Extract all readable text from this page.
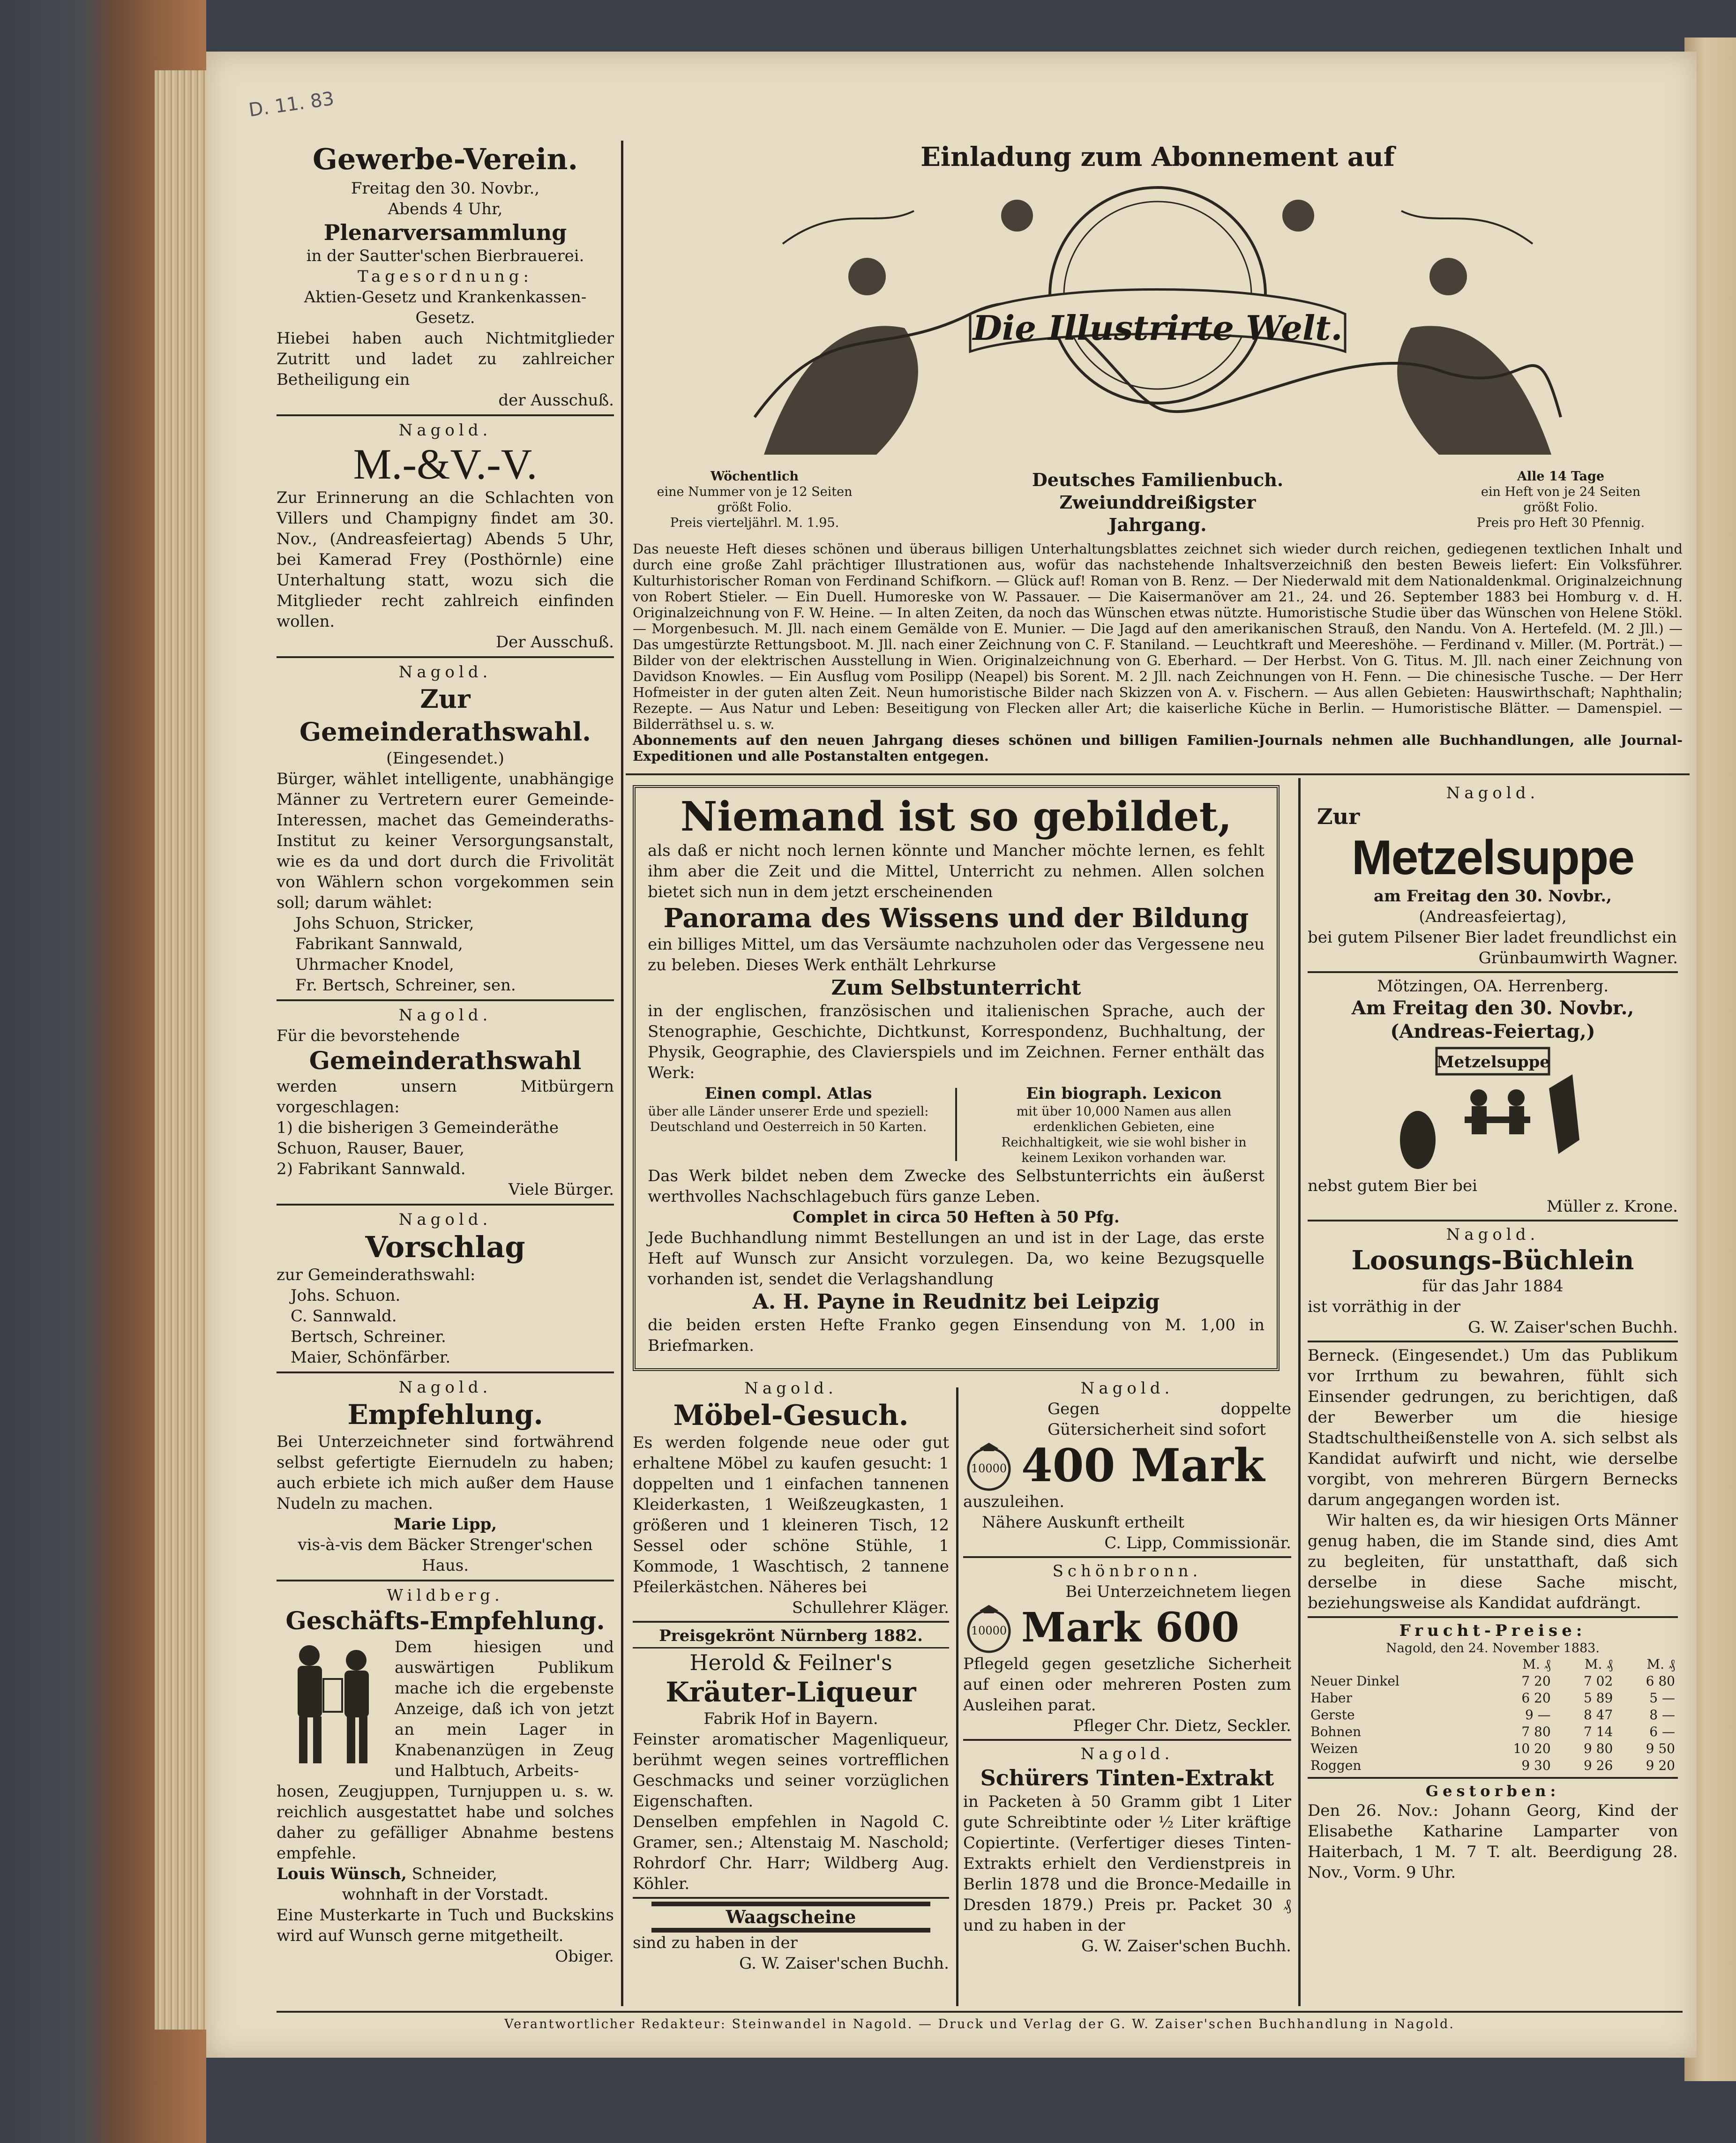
D. 11. 83
Gewerbe-Verein.
Freitag den 30. Novbr.,
Abends 4 Uhr,
Plenarversammlung
in der Sautter'schen Bierbrauerei.
Tagesordnung:
Aktien-Gesetz und Krankenkassen-Gesetz.

Hiebei haben auch Nichtmitglieder Zutritt und ladet zu zahlreicher Betheiligung ein

der Ausschuß.
Nagold.
M.-&V.-V.

Zur Erinnerung an die Schlachten von Villers und Champigny findet am 30. Nov., (Andreasfeiertag) Abends 5 Uhr, bei Kamerad Frey (Posthörnle) eine Unterhaltung statt, wozu sich die Mitglieder recht zahlreich einfinden wollen.

Der Ausschuß.
Nagold.
Zur Gemeinderathswahl.
(Eingesendet.)

Bürger, wählet intelligente, unabhängige Männer zu Vertretern eurer Gemeinde-Interessen, machet das Gemeinderaths-Institut zu keiner Versorgungsanstalt, wie es da und dort durch die Frivolität von Wählern schon vorgekommen sein soll; darum wählet:

Johs Schuon, Stricker,
Fabrikant Sannwald,
Uhrmacher Knodel,
Fr. Bertsch, Schreiner, sen.
Nagold.
Für die bevorstehende
Gemeinderathswahl

werden unsern Mitbürgern vorgeschlagen:

1) die bisherigen 3 Gemeinderäthe Schuon, Rauser, Bauer,
2) Fabrikant Sannwald.
Viele Bürger.
Nagold.
Vorschlag
zur Gemeinderathswahl:
Johs. Schuon.
C. Sannwald.
Bertsch, Schreiner.
Maier, Schönfärber.
Nagold.
Empfehlung.

Bei Unterzeichneter sind fortwährend selbst gefertigte Eiernudeln zu haben; auch erbiete ich mich außer dem Hause Nudeln zu machen.

Marie Lipp,
vis-à-vis dem Bäcker Strenger'schen Haus.
Wildberg.
Geschäfts-Empfehlung.

Dem hiesigen und auswärtigen Publikum mache ich die ergebenste Anzeige, daß ich von jetzt an mein Lager in Knabenanzügen in Zeug und Halbtuch, Arbeits-

hosen, Zeugjuppen, Turnjuppen u. s. w. reichlich ausgestattet habe und solches daher zu gefälliger Abnahme bestens empfehle.

Louis Wünsch, Schneider,
wohnhaft in der Vorstadt.

Eine Musterkarte in Tuch und Buckskins wird auf Wunsch gerne mitgetheilt.

Obiger.
Einladung zum Abonnement auf
Die Illustrirte Welt.
Wöchentlich
eine Nummer von je 12 Seiten
größt Folio.
Preis vierteljährl. M. 1.95.
Deutsches Familienbuch.
Zweiunddreißigster Jahrgang.
Alle 14 Tage
ein Heft von je 24 Seiten
größt Folio.
Preis pro Heft 30 Pfennig.

Das neueste Heft dieses schönen und überaus billigen Unterhaltungsblattes zeichnet sich wieder durch reichen, gediegenen textlichen Inhalt und durch eine große Zahl prächtiger Illustrationen aus, wofür das nachstehende Inhaltsverzeichniß den besten Beweis liefert: Ein Volksführer. Kulturhistorischer Roman von Ferdinand Schifkorn. — Glück auf! Roman von B. Renz. — Der Niederwald mit dem Nationaldenkmal. Originalzeichnung von Robert Stieler. — Ein Duell. Humoreske von W. Passauer. — Die Kaisermanöver am 21., 24. und 26. September 1883 bei Homburg v. d. H. Originalzeichnung von F. W. Heine. — In alten Zeiten, da noch das Wünschen etwas nützte. Humoristische Studie über das Wünschen von Helene Stökl. — Morgenbesuch. M. Jll. nach einem Gemälde von E. Munier. — Die Jagd auf den amerikanischen Strauß, den Nandu. Von A. Hertefeld. (M. 2 Jll.) — Das umgestürzte Rettungsboot. M. Jll. nach einer Zeichnung von C. F. Staniland. — Leuchtkraft und Meereshöhe. — Ferdinand v. Miller. (M. Porträt.) — Bilder von der elektrischen Ausstellung in Wien. Originalzeichnung von G. Eberhard. — Der Herbst. Von G. Titus. M. Jll. nach einer Zeichnung von Davidson Knowles. — Ein Ausflug vom Posilipp (Neapel) bis Sorent. M. 2 Jll. nach Zeichnungen von H. Fenn. — Die chinesische Tusche. — Der Herr Hofmeister in der guten alten Zeit. Neun humoristische Bilder nach Skizzen von A. v. Fischern. — Aus allen Gebieten: Hauswirthschaft; Naphthalin; Rezepte. — Aus Natur und Leben: Beseitigung von Flecken aller Art; die kaiserliche Küche in Berlin. — Humoristische Blätter. — Damenspiel. — Bilderräthsel u. s. w.

Abonnements auf den neuen Jahrgang dieses schönen und billigen Familien-Journals nehmen alle Buchhandlungen, alle Journal-Expeditionen und alle Postanstalten entgegen.

Niemand ist so gebildet,

als daß er nicht noch lernen könnte und Mancher möchte lernen, es fehlt ihm aber die Zeit und die Mittel, Unterricht zu nehmen. Allen solchen bietet sich nun in dem jetzt erscheinenden

Panorama des Wissens und der Bildung

ein billiges Mittel, um das Versäumte nachzuholen oder das Vergessene neu zu beleben. Dieses Werk enthält Lehrkurse

Zum Selbstunterricht

in der englischen, französischen und italienischen Sprache, auch der Stenographie, Geschichte, Dichtkunst, Korrespondenz, Buchhaltung, der Physik, Geographie, des Clavierspiels und im Zeichnen. Ferner enthält das Werk:

Einen compl. Atlas
über alle Länder unserer Erde und speziell: Deutschland und Oesterreich in 50 Karten.
Ein biograph. Lexicon
mit über 10,000 Namen aus allen erdenklichen Gebieten, eine Reichhaltigkeit, wie sie wohl bisher in keinem Lexikon vorhanden war.

Das Werk bildet neben dem Zwecke des Selbstunterrichts ein äußerst werthvolles Nachschlagebuch fürs ganze Leben.

Complet in circa 50 Heften à 50 Pfg.

Jede Buchhandlung nimmt Bestellungen an und ist in der Lage, das erste Heft auf Wunsch zur Ansicht vorzulegen. Da, wo keine Bezugsquelle vorhanden ist, sendet die Verlagshandlung

A. H. Payne in Reudnitz bei Leipzig

die beiden ersten Hefte Franko gegen Einsendung von M. 1,00 in Briefmarken.

Nagold.
Zur
Metzelsuppe
am Freitag den 30. Novbr.,
(Andreasfeiertag),

bei gutem Pilsener Bier ladet freundlichst ein

Grünbaumwirth Wagner.
Mötzingen, OA. Herrenberg.
Am Freitag den 30. Novbr.,
(Andreas-Feiertag,)
Metzelsuppe
nebst gutem Bier bei
Müller z. Krone.
Nagold.
Loosungs-Büchlein
für das Jahr 1884
ist vorräthig in der
G. W. Zaiser'schen Buchh.

Berneck. (Eingesendet.) Um das Publikum vor Irrthum zu bewahren, fühlt sich Einsender gedrungen, zu berichtigen, daß der Bewerber um die hiesige Stadtschultheißenstelle von A. sich selbst als Kandidat aufwirft und nicht, wie derselbe vorgibt, von mehreren Bürgern Bernecks darum angegangen worden ist.

Wir halten es, da wir hiesigen Orts Männer genug haben, die im Stande sind, dies Amt zu begleiten, für unstatthaft, daß sich derselbe in diese Sache mischt, beziehungsweise als Kandidat aufdrängt.

Frucht-Preise:
Nagold, den 24. November 1883.
	M. ₰	M. ₰	M. ₰
Neuer Dinkel	7 20	7 02	6 80
Haber	6 20	5 89	5 —
Gerste	9 —	8 47	8 —
Bohnen	7 80	7 14	6 —
Weizen	10 20	9 80	9 50
Roggen	9 30	9 26	9 20
Gestorben:

Den 26. Nov.: Johann Georg, Kind der Elisabethe Katharine Lamparter von Haiterbach, 1 M. 7 T. alt. Beerdigung 28. Nov., Vorm. 9 Uhr.

Nagold.
Möbel-Gesuch.

Es werden folgende neue oder gut erhaltene Möbel zu kaufen gesucht: 1 doppelten und 1 einfachen tannenen Kleiderkasten, 1 Weißzeugkasten, 1 größeren und 1 kleineren Tisch, 12 Sessel oder schöne Stühle, 1 Kommode, 1 Waschtisch, 2 tannene Pfeilerkästchen. Näheres bei

Schullehrer Kläger.
Preisgekrönt Nürnberg 1882.
Herold & Feilner's
Kräuter-Liqueur
Fabrik Hof in Bayern.

Feinster aromatischer Magenliqueur, berühmt wegen seines vortrefflichen Geschmacks und seiner vorzüglichen Eigenschaften.

Denselben empfehlen in Nagold C. Gramer, sen.; Altenstaig M. Naschold; Rohrdorf Chr. Harr; Wildberg Aug. Köhler.

Waagscheine
sind zu haben in der
G. W. Zaiser'schen Buchh.
Nagold.

Gegen doppelte Gütersicherheit sind sofort

10000 400 Mark
auszuleihen.
Nähere Auskunft ertheilt
C. Lipp, Commissionär.
Schönbronn.
Bei Unterzeichnetem liegen
10000 Mark 600

Pflegeld gegen gesetzliche Sicherheit auf einen oder mehreren Posten zum Ausleihen parat.

Pfleger Chr. Dietz, Seckler.
Nagold.
Schürers Tinten-Extrakt

in Packeten à 50 Gramm gibt 1 Liter gute Schreibtinte oder ½ Liter kräftige Copiertinte. (Verfertiger dieses Tinten-Extrakts erhielt den Verdienstpreis in Berlin 1878 und die Bronce-Medaille in Dresden 1879.) Preis pr. Packet 30 ₰ und zu haben in der

G. W. Zaiser'schen Buchh.
Verantwortlicher Redakteur: Steinwandel in Nagold. — Druck und Verlag der G. W. Zaiser'schen Buchhandlung in Nagold.
